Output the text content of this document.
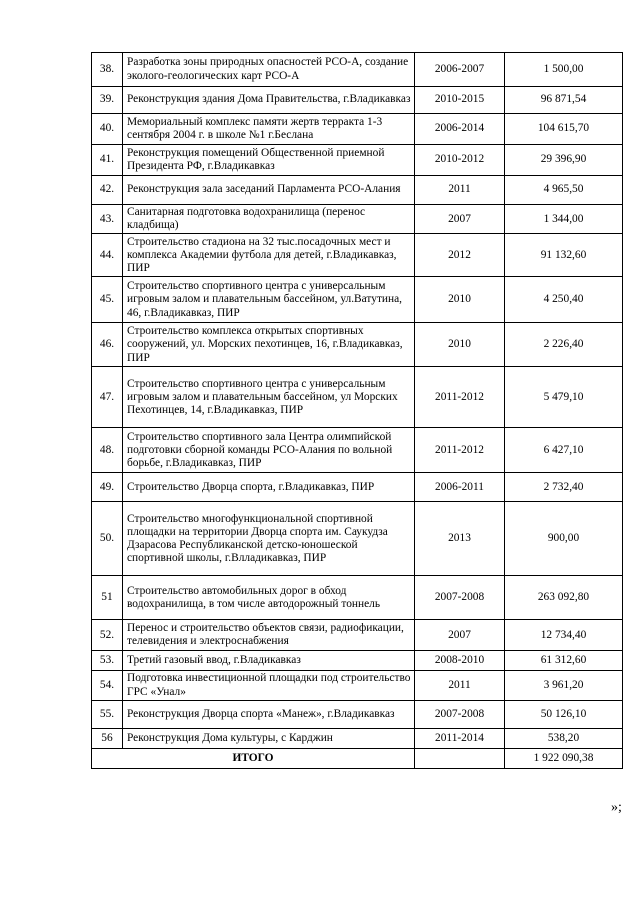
38.	Разработка зоны природных опасностей РСО-А, создание эколого-геологических карт РСО-А	2006-2007	1 500,00
39.	Реконструкция здания Дома Правительства, г.Владикавказ	2010-2015	96 871,54
40.	Мемориальный комплекс памяти жертв терракта 1-3 сентября 2004 г. в школе №1 г.Беслана	2006-2014	104 615,70
41.	Реконструкция помещений Общественной приемной Президента РФ, г.Владикавказ	2010-2012	29 396,90
42.	Реконструкция зала заседаний Парламента РСО-Алания	2011	4 965,50
43.	Санитарная подготовка водохранилища (перенос кладбища)	2007	1 344,00
44.	Строительство стадиона на 32 тыс.посадочных мест и комплекса Академии футбола для детей, г.Владикавказ, ПИР	2012	91 132,60
45.	Строительство спортивного центра с универсальным игровым залом и плавательным бассейном, ул.Ватутина, 46, г.Владикавказ, ПИР	2010	4 250,40
46.	Строительство комплекса открытых спортивных сооружений, ул. Морских пехотинцев, 16, г.Владикавказ, ПИР	2010	2 226,40
47.	Строительство спортивного центра с универсальным игровым залом и плавательным бассейном, ул Морских Пехотинцев, 14, г.Владикавказ, ПИР	2011-2012	5 479,10
48.	Строительство спортивного зала Центра олимпийской подготовки сборной команды РСО-Алания по вольной борьбе, г.Владикавказ, ПИР	2011-2012	6 427,10
49.	Строительство Дворца спорта, г.Владикавказ, ПИР	2006-2011	2 732,40
50.	Строительство многофункциональной спортивной площадки на территории Дворца спорта им. Саукудза Дзарасова Республиканской детско-юношеской спортивной школы, г.Влладикавказ, ПИР	2013	900,00
51	Строительство автомобильных дорог в обход водохранилища, в том числе автодорожный тоннель	2007-2008	263 092,80
52.	Перенос и строительство объектов связи, радиофикации, телевидения и электроснабжения	2007	12 734,40
53.	Третий газовый ввод, г.Владикавказ	2008-2010	61 312,60
54.	Подготовка инвестиционной площадки под строительство ГРС «Унал»	2011	3 961,20
55.	Реконструкция Дворца спорта «Манеж», г.Владикавказ	2007-2008	50 126,10
56	Реконструкция Дома культуры, с Карджин	2011-2014	538,20
ИТОГО			1 922 090,38
»;
